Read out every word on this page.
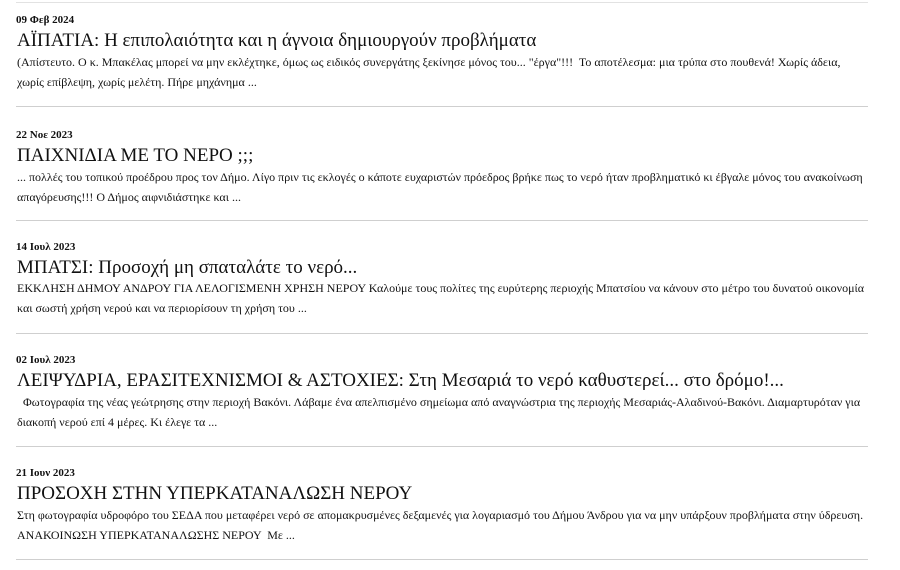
09 Φεβ 2024
ΑΪΠΑΤΙΑ: Η επιπολαιότητα και η άγνοια δημιουργούν προβλήματα
(Απίστευτο. Ο κ. Μπακέλας μπορεί να μην εκλέχτηκε, όμως ως ειδικός συνεργάτης ξεκίνησε μόνος του... "έργα"!!!  Το αποτέλεσμα: μια τρύπα στο πουθενά! Χωρίς άδεια, χωρίς επίβλεψη, χωρίς μελέτη. Πήρε μηχάνημα ...
22 Νοε 2023
ΠΑΙΧΝΙΔΙΑ ΜΕ ΤΟ ΝΕΡΟ ;;;
... πολλές του τοπικού προέδρου προς τον Δήμο. Λίγο πριν τις εκλογές ο κάποτε ευχαριστών πρόεδρος βρήκε πως το νερό ήταν προβληματικό κι έβγαλε μόνος του ανακοίνωση απαγόρευσης!!! Ο Δήμος αιφνιδιάστηκε και ...
14 Ιουλ 2023
ΜΠΑΤΣΙ: Προσοχή μη σπαταλάτε το νερό...
ΕΚΚΛΗΣΗ ΔΗΜΟΥ ΑΝΔΡΟΥ ΓΙΑ ΛΕΛΟΓΙΣΜΕΝΗ ΧΡΗΣΗ ΝΕΡΟΥ Καλούμε τους πολίτες της ευρύτερης περιοχής Μπατσίου να κάνουν στο μέτρο του δυνατού οικονομία και σωστή χρήση νερού και να περιορίσουν τη χρήση του ...
02 Ιουλ 2023
ΛΕΙΨΥΔΡΙΑ, ΕΡΑΣΙΤΕΧΝΙΣΜΟΙ & ΑΣΤΟΧΙΕΣ: Στη Μεσαριά το νερό καθυστερεί... στο δρόμο!...
Φωτογραφία της νέας γεώτρησης στην περιοχή Βακόνι. Λάβαμε ένα απελπισμένο σημείωμα από αναγνώστρια της περιοχής Μεσαριάς-Αλαδινού-Βακόνι. Διαμαρτυρόταν για διακοπή νερού επί 4 μέρες. Κι έλεγε τα ...
21 Ιουν 2023
ΠΡΟΣΟΧΗ ΣΤΗΝ ΥΠΕΡΚΑΤΑΝΑΛΩΣΗ ΝΕΡΟΥ
Στη φωτογραφία υδροφόρο του ΣΕΔΑ που μεταφέρει νερό σε απομακρυσμένες δεξαμενές για λογαριασμό του Δήμου Άνδρου για να μην υπάρξουν προβλήματα στην ύδρευση. ΑΝΑΚΟΙΝΩΣΗ ΥΠΕΡΚΑΤΑΝΑΛΩΣΗΣ ΝΕΡΟΥ  Με ...
